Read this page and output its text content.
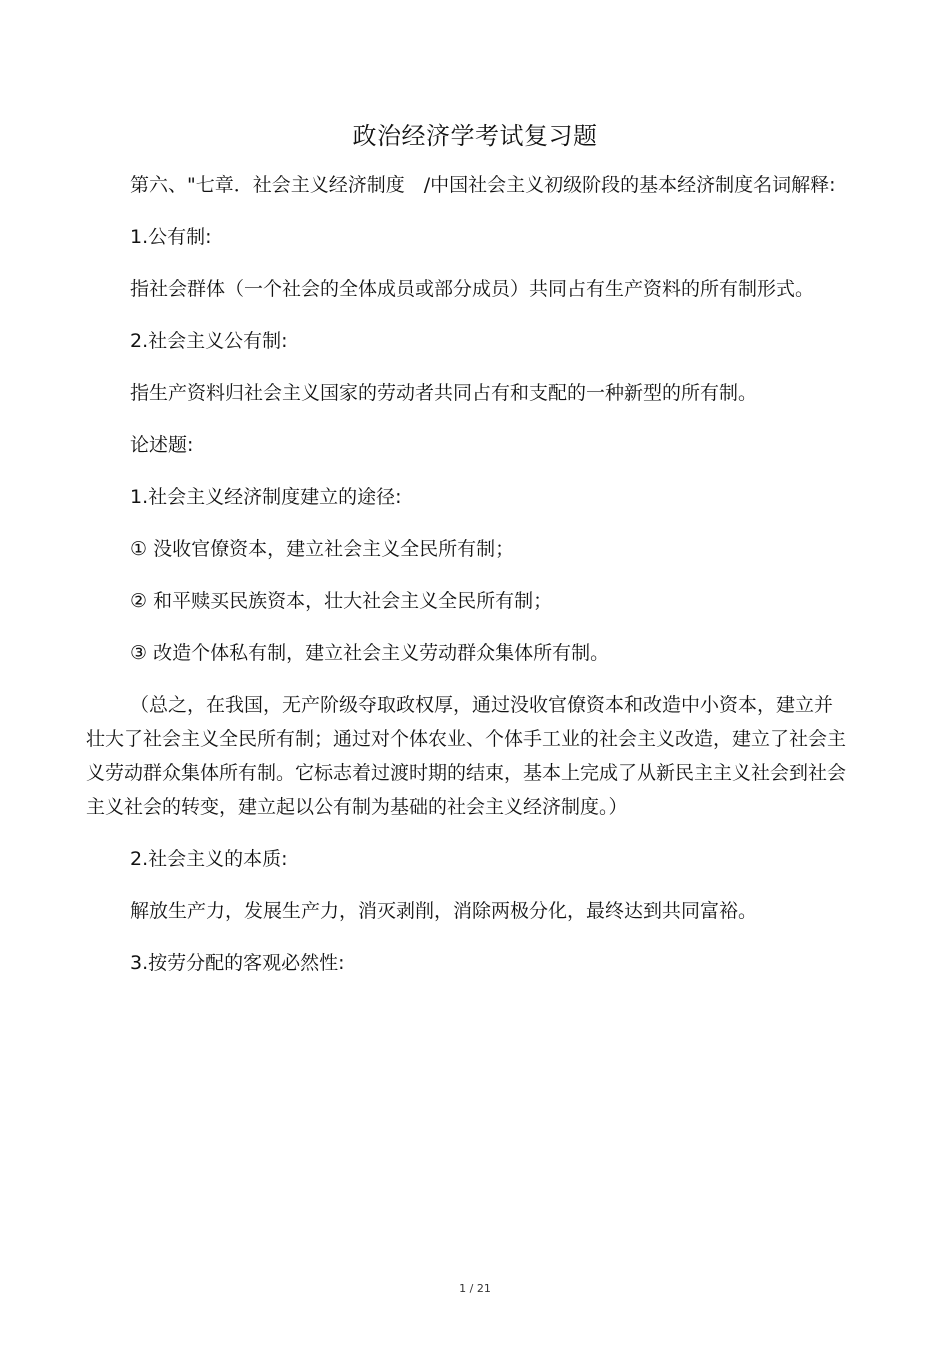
政治经济学考试复习题

第六、"七章．社会主义经济制度　/中国社会主义初级阶段的基本经济制度名词解释:

1.公有制:

指社会群体（一个社会的全体成员或部分成员）共同占有生产资料的所有制形式。

2.社会主义公有制:

指生产资料归社会主义国家的劳动者共同占有和支配的一种新型的所有制。

论述题:

1.社会主义经济制度建立的途径:

① 没收官僚资本，建立社会主义全民所有制；

② 和平赎买民族资本，壮大社会主义全民所有制；

③ 改造个体私有制，建立社会主义劳动群众集体所有制。

（总之，在我国，无产阶级夺取政权厚，通过没收官僚资本和改造中小资本，建立并壮大了社会主义全民所有制；通过对个体农业、个体手工业的社会主义改造，建立了社会主义劳动群众集体所有制。它标志着过渡时期的结束，基本上完成了从新民主主义社会到社会主义社会的转变，建立起以公有制为基础的社会主义经济制度。）

2.社会主义的本质:

解放生产力，发展生产力，消灭剥削，消除两极分化，最终达到共同富裕。

3.按劳分配的客观必然性:

1 / 21
